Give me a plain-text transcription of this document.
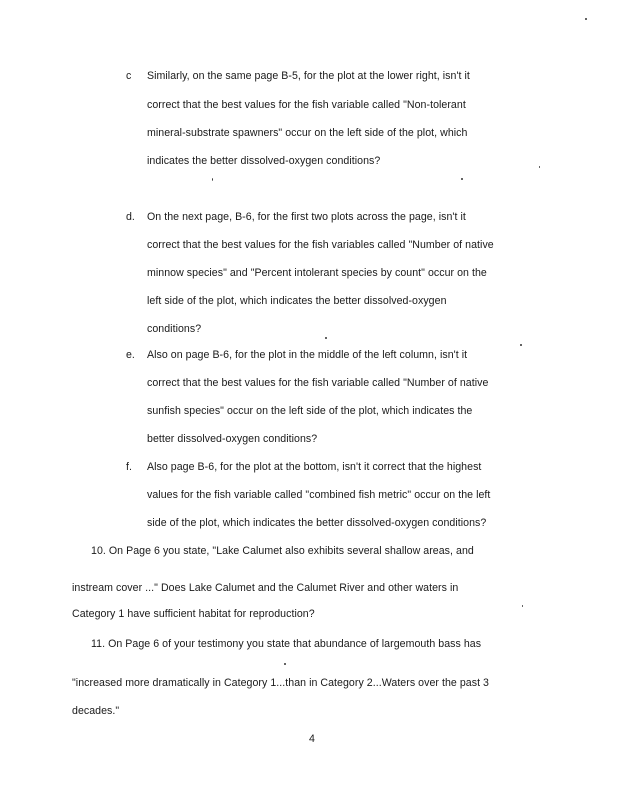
c Similarly, on the same page B-5, for the plot at the lower right, isn't it
correct that the best values for the fish variable called "Non-tolerant
mineral-substrate spawners" occur on the left side of the plot, which
indicates the better dissolved-oxygen conditions?
d. On the next page, B-6, for the first two plots across the page, isn't it
correct that the best values for the fish variables called "Number of native
minnow species" and "Percent intolerant species by count" occur on the
left side of the plot, which indicates the better dissolved-oxygen
conditions?
e. Also on page B-6, for the plot in the middle of the left column, isn't it
correct that the best values for the fish variable called "Number of native
sunfish species" occur on the left side of the plot, which indicates the
better dissolved-oxygen conditions?
f. Also page B-6, for the plot at the bottom, isn't it correct that the highest
values for the fish variable called "combined fish metric" occur on the left
side of the plot, which indicates the better dissolved-oxygen conditions?
10. On Page 6 you state, "Lake Calumet also exhibits several shallow areas, and
instream cover ..." Does Lake Calumet and the Calumet River and other waters in
Category 1 have sufficient habitat for reproduction?
11. On Page 6 of your testimony you state that abundance of largemouth bass has
"increased more dramatically in Category 1...than in Category 2...Waters over the past 3
decades."
4
